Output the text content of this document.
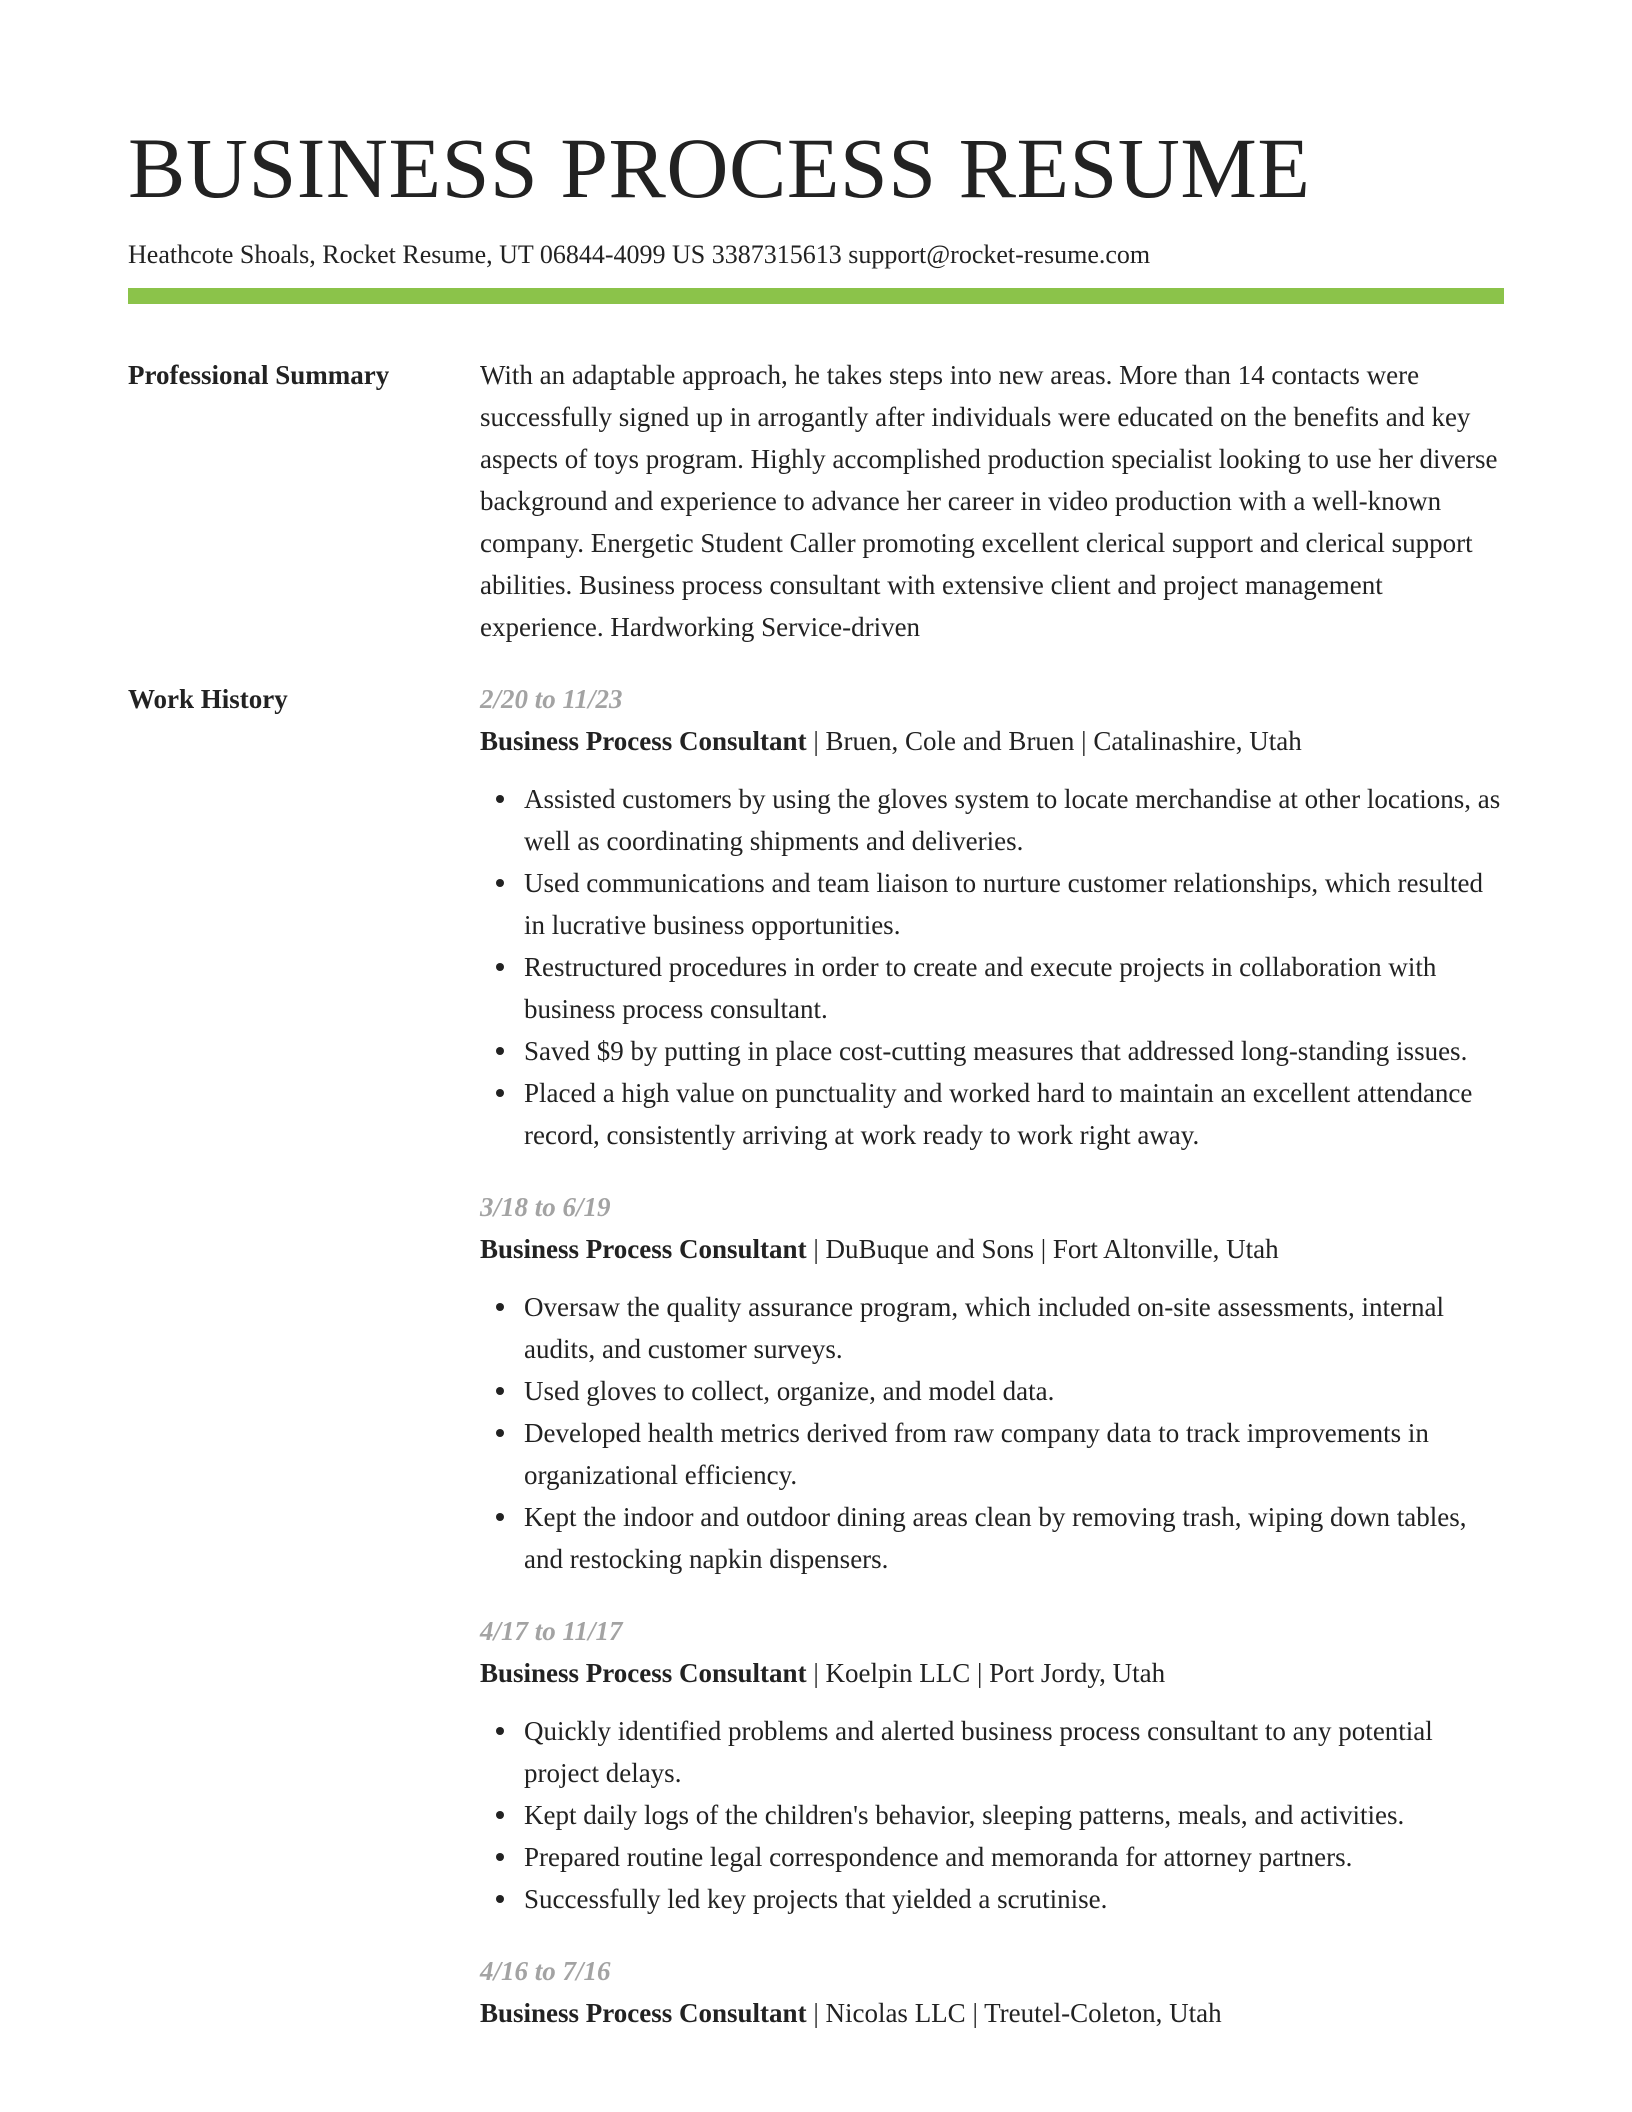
BUSINESS PROCESS RESUME
Heathcote Shoals, Rocket Resume, UT 06844-4099 US 3387315613 support@rocket-resume.com
Professional Summary	With an adaptable approach, he takes steps into new areas. More than 14 contacts were successfully signed up in arrogantly after individuals were educated on the benefits and key aspects of toys program. Highly accomplished production specialist looking to use her diverse background and experience to advance her career in video production with a well-known company. Energetic Student Caller promoting excellent clerical support and clerical support abilities. Business process consultant with extensive client and project management experience. Hardworking Service-driven

Work History	2/20 to 11/23
Business Process Consultant | Bruen, Cole and Bruen | Catalinashire, Utah
Assisted customers by using the gloves system to locate merchandise at other locations, as well as coordinating shipments and deliveries.
Used communications and team liaison to nurture customer relationships, which resulted in lucrative business opportunities.
Restructured procedures in order to create and execute projects in collaboration with business process consultant.
Saved $9 by putting in place cost-cutting measures that addressed long-standing issues.
Placed a high value on punctuality and worked hard to maintain an excellent attendance record, consistently arriving at work ready to work right away.
3/18 to 6/19
Business Process Consultant | DuBuque and Sons | Fort Altonville, Utah
Oversaw the quality assurance program, which included on-site assessments, internal audits, and customer surveys.
Used gloves to collect, organize, and model data.
Developed health metrics derived from raw company data to track improvements in organizational efficiency.
Kept the indoor and outdoor dining areas clean by removing trash, wiping down tables, and restocking napkin dispensers.
4/17 to 11/17
Business Process Consultant | Koelpin LLC | Port Jordy, Utah
Quickly identified problems and alerted business process consultant to any potential project delays.
Kept daily logs of the children's behavior, sleeping patterns, meals, and activities.
Prepared routine legal correspondence and memoranda for attorney partners.
Successfully led key projects that yielded a scrutinise.
4/16 to 7/16
Business Process Consultant | Nicolas LLC | Treutel-Coleton, Utah
